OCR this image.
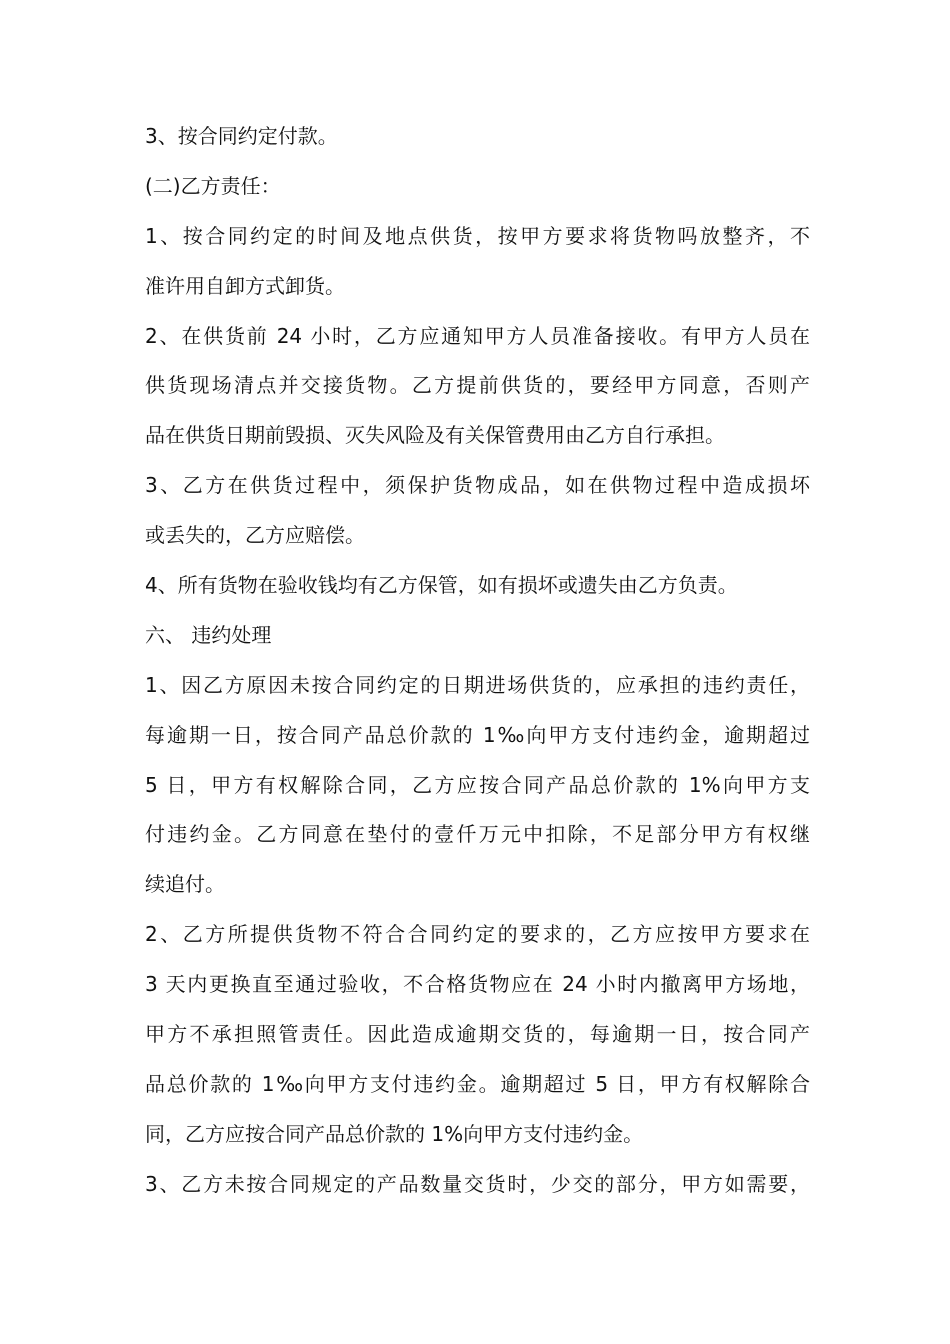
3、按合同约定付款。
(二)乙方责任：
1、按合同约定的时间及地点供货，按甲方要求将货物吗放整齐，不
准许用自卸方式卸货。
2、在供货前 24 小时，乙方应通知甲方人员准备接收。有甲方人员在
供货现场清点并交接货物。乙方提前供货的，要经甲方同意，否则产
品在供货日期前毁损、灭失风险及有关保管费用由乙方自行承担。
3、乙方在供货过程中，须保护货物成品，如在供物过程中造成损坏
或丢失的，乙方应赔偿。
4、所有货物在验收钱均有乙方保管，如有损坏或遗失由乙方负责。
六、 违约处理
1、因乙方原因未按合同约定的日期进场供货的，应承担的违约责任，
每逾期一日，按合同产品总价款的 1‰向甲方支付违约金，逾期超过
5 日，甲方有权解除合同，乙方应按合同产品总价款的 1%向甲方支
付违约金。乙方同意在垫付的壹仟万元中扣除，不足部分甲方有权继
续追付。
2、乙方所提供货物不符合合同约定的要求的，乙方应按甲方要求在
3 天内更换直至通过验收，不合格货物应在 24 小时内撤离甲方场地，
甲方不承担照管责任。因此造成逾期交货的，每逾期一日，按合同产
品总价款的 1‰向甲方支付违约金。逾期超过 5 日，甲方有权解除合
同，乙方应按合同产品总价款的 1%向甲方支付违约金。
3、乙方未按合同规定的产品数量交货时，少交的部分，甲方如需要，
